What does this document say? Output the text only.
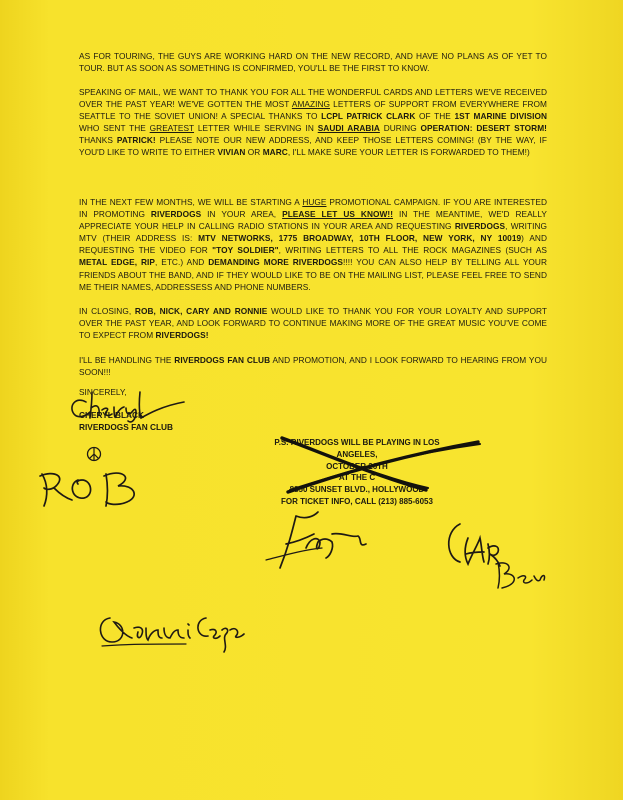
AS FOR TOURING, THE GUYS ARE WORKING HARD ON THE NEW RECORD, AND HAVE NO PLANS AS OF YET TO TOUR. BUT AS SOON AS SOMETHING IS CONFIRMED, YOU'LL BE THE FIRST TO KNOW.

SPEAKING OF MAIL, WE WANT TO THANK YOU FOR ALL THE WONDERFUL CARDS AND LETTERS WE'VE RECEIVED OVER THE PAST YEAR! WE'VE GOTTEN THE MOST AMAZING LETTERS OF SUPPORT FROM EVERYWHERE FROM SEATTLE TO THE SOVIET UNION! A SPECIAL THANKS TO LCPL PATRICK CLARK OF THE 1ST MARINE DIVISION WHO SENT THE GREATEST LETTER WHILE SERVING IN SAUDI ARABIA DURING OPERATION: DESERT STORM! THANKS PATRICK! PLEASE NOTE OUR NEW ADDRESS, AND KEEP THOSE LETTERS COMING! (BY THE WAY, IF YOU'D LIKE TO WRITE TO EITHER VIVIAN OR MARC, I'LL MAKE SURE YOUR LETTER IS FORWARDED TO THEM!)

IN THE NEXT FEW MONTHS, WE WILL BE STARTING A HUGE PROMOTIONAL CAMPAIGN. IF YOU ARE INTERESTED IN PROMOTING RIVERDOGS IN YOUR AREA, PLEASE LET US KNOW!! IN THE MEANTIME, WE'D REALLY APPRECIATE YOUR HELP IN CALLING RADIO STATIONS IN YOUR AREA AND REQUESTING RIVERDOGS, WRITING MTV (THEIR ADDRESS IS: MTV NETWORKS, 1775 BROADWAY, 10TH FLOOR, NEW YORK, NY 10019) AND REQUESTING THE VIDEO FOR "TOY SOLDIER", WRITING LETTERS TO ALL THE ROCK MAGAZINES (SUCH AS METAL EDGE, RIP, ETC.) AND DEMANDING MORE RIVERDOGS!!!! YOU CAN ALSO HELP BY TELLING ALL YOUR FRIENDS ABOUT THE BAND, AND IF THEY WOULD LIKE TO BE ON THE MAILING LIST, PLEASE FEEL FREE TO SEND ME THEIR NAMES, ADDRESSESS AND PHONE NUMBERS.

IN CLOSING, ROB, NICK, CARY AND RONNIE WOULD LIKE TO THANK YOU FOR YOUR LOYALTY AND SUPPORT OVER THE PAST YEAR, AND LOOK FORWARD TO CONTINUE MAKING MORE OF THE GREAT MUSIC YOU'VE COME TO EXPECT FROM RIVERDOGS!

I'LL BE HANDLING THE RIVERDOGS FAN CLUB AND PROMOTION, AND I LOOK FORWARD TO HEARING FROM YOU SOON!!!

SINCERELY,
CHERYL BLACK
RIVERDOGS FAN CLUB
P.S. RIVERDOGS WILL BE PLAYING IN LOS ANGELES,
OCTOBER 26TH
AT THE C
8850 SUNSET BLVD., HOLLYWOOD
FOR TICKET INFO, CALL (213) 885-6053
